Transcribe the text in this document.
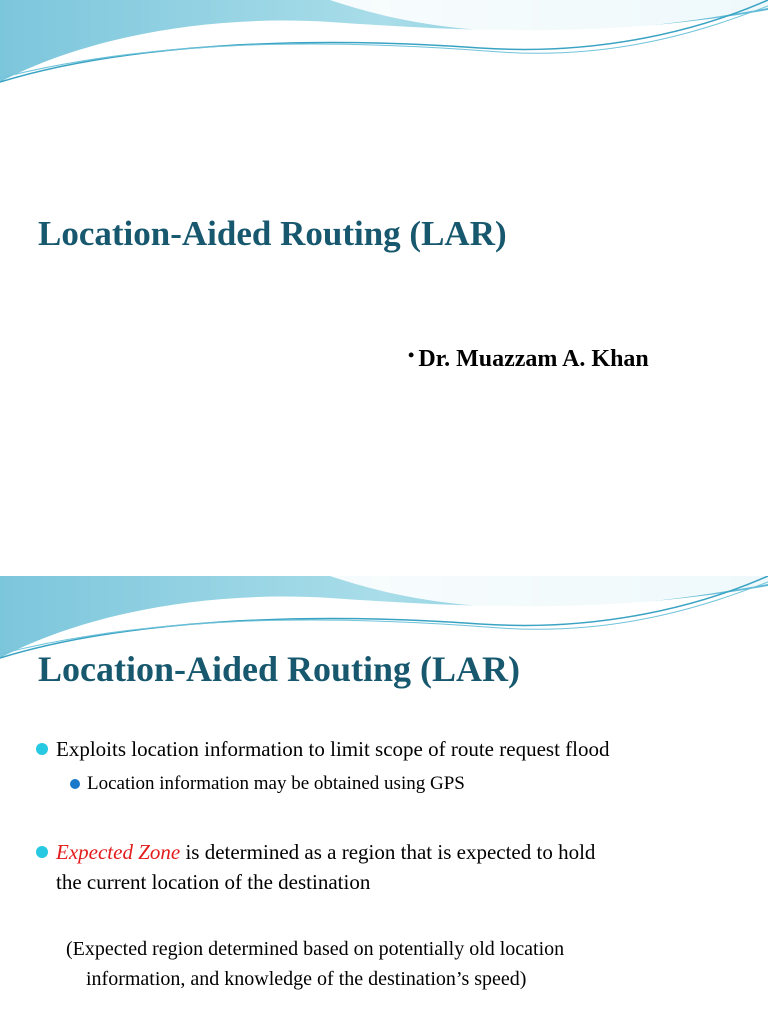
Location-Aided Routing (LAR)
• Dr. Muazzam A. Khan
Location-Aided Routing (LAR)
Exploits location information to limit scope of route request flood
Location information may be obtained using GPS
Expected Zone is determined as a region that is expected to hold
the current location of the destination
(Expected region determined based on potentially old location
information, and knowledge of the destination’s speed)
